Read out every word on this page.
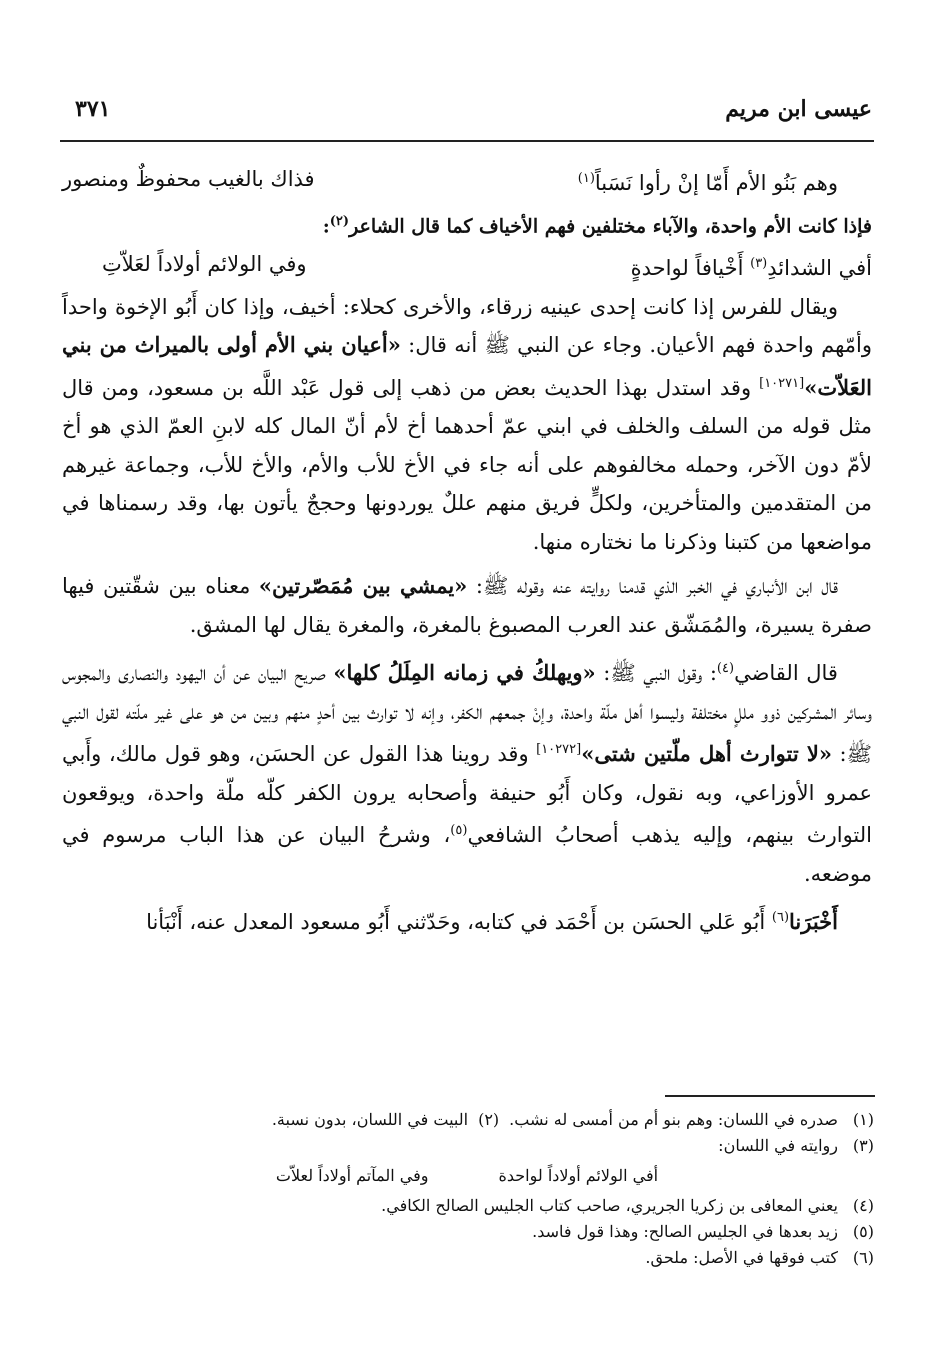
عيسى ابن مريم
٣٧١
وهم بَنُو الأم أَمّا إنْ رأوا نَسَباً$^{(١)}$
فذاك بالغيب محفوظٌ ومنصور

فإذا كانت الأم واحدة، والآباء مختلفين فهم الأخياف كما قال الشاعر$^{(٢)}$:

أفي الشدائدِ$^{(٣)}$ أَخْيافاً لواحدةٍ
وفي الولائم أولاداً لعَلاّتِ

ويقال للفرس إذا كانت إحدى عينيه زرقاء، والأخرى كحلاء: أخيف، وإذا كان أَبُو الإخوة واحداً وأمّهم واحدة فهم الأعيان. وجاء عن النبي ﷺ أنه قال: «أعيان بني الأم أولى بالميراث من بني العَلاّت»[١٠٢٧١] وقد استدل بهذا الحديث بعض من ذهب إلى قول عَبْد اللَّه بن مسعود، ومن قال مثل قوله من السلف والخلف في ابني عمّ أحدهما أخ لأم أنّ المال كله لابنِ العمّ الذي هو أخ لأمّ دون الآخر، وحمله مخالفوهم على أنه جاء في الأخ للأب والأم، والأخ للأب، وجماعة غيرهم من المتقدمين والمتأخرين، ولكلٍّ فريق منهم عللٌ يوردونها وحججٌ يأتون بها، وقد رسمناها في مواضعها من كتبنا وذكرنا ما نختاره منها.

قال ابن الأنباري في الخبر الذي قدمنا روايته عنه وقوله ﷺ: «يمشي بين مُمَصّرتين» معناه بين شقّتين فيها صفرة يسيرة، والمُمَشّق عند العرب المصبوغ بالمغرة، والمغرة يقال لها المشق.

قال القاضي$^{(٤)}$: وقول النبي ﷺ: «ويهلكُ في زمانه المِلَلُ كلها» صريح البيان عن أن اليهود والنصارى والمجوس وسائر المشركين ذوو مللٍ مختلفة وليسوا أهل ملّة واحدة، وإنْ جمعهم الكفر، وإنه لا توارث بين أحدٍ منهم وبين من هو على غير ملّته لقول النبي ﷺ: «لا تتوارث أهل ملّتين شتى»[١٠٢٧٢] وقد روينا هذا القول عن الحسَن، وهو قول مالك، وأَبي عمرو الأوزاعي، وبه نقول، وكان أَبُو حنيفة وأصحابه يرون الكفر كلّه ملّة واحدة، ويوقعون التوارث بينهم، وإليه يذهب أصحابُ الشافعي$^{(٥)}$، وشرحُ البيان عن هذا الباب مرسوم في موضعه.

أَخْبَرَنا$^{(٦)}$ أَبُو عَلي الحسَن بن أَحْمَد في كتابه، وحَدّثني أَبُو مسعود المعدل عنه، أَنْبَأنا

(١)
صدره في اللسان: وهم بنو أم من أمسى له نشب.
(٢)
البيت في اللسان، بدون نسبة.
(٣)
روايته في اللسان:
أفي الولائم أولاداً لواحدة
وفي المآتم أولاداً لعلاّت
(٤)
يعني المعافى بن زكريا الجريري، صاحب كتاب الجليس الصالح الكافي.
(٥)
زيد بعدها في الجليس الصالح: وهذا قول فاسد.
(٦)
كتب فوقها في الأصل: ملحق.
